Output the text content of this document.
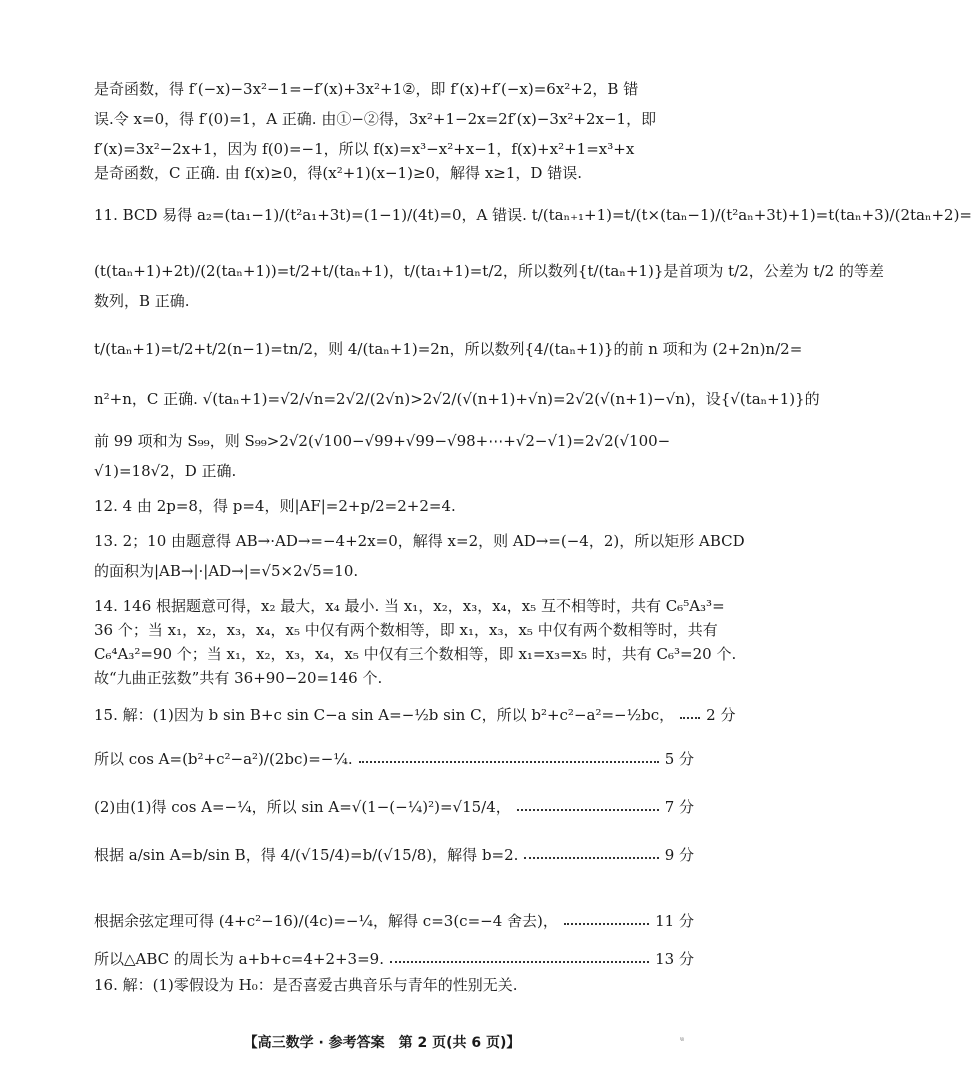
是奇函数，得 f′(−x)−3x²−1=−f′(x)+3x²+1②，即 f′(x)+f′(−x)=6x²+2，B 错
误.令 x=0，得 f′(0)=1，A 正确. 由①−②得，3x²+1−2x=2f′(x)−3x²+2x−1，即
f′(x)=3x²−2x+1，因为 f(0)=−1，所以 f(x)=x³−x²+x−1，f(x)+x²+1=x³+x
是奇函数，C 正确. 由 f(x)≥0，得(x²+1)(x−1)≥0，解得 x≥1，D 错误.
11. BCD 易得 a₂=(ta₁−1)/(t²a₁+3t)=(1−1)/(4t)=0，A 错误. t/(taₙ₊₁+1)=t/(t×(taₙ−1)/(t²aₙ+3t)+1)=t(taₙ+3)/(2taₙ+2)=
(t(taₙ+1)+2t)/(2(taₙ+1))=t/2+t/(taₙ+1)，t/(ta₁+1)=t/2，所以数列{t/(taₙ+1)}是首项为 t/2，公差为 t/2 的等差
数列，B 正确.
t/(taₙ+1)=t/2+t/2(n−1)=tn/2，则 4/(taₙ+1)=2n，所以数列{4/(taₙ+1)}的前 n 项和为 (2+2n)n/2=
n²+n，C 正确. √(taₙ+1)=√2/√n=2√2/(2√n)>2√2/(√(n+1)+√n)=2√2(√(n+1)−√n)，设{√(taₙ+1)}的
前 99 项和为 S₉₉，则 S₉₉>2√2(√100−√99+√99−√98+⋯+√2−√1)=2√2(√100−
√1)=18√2，D 正确.
12. 4 由 2p=8，得 p=4，则|AF|=2+p/2=2+2=4.
13. 2；10 由题意得 AB→·AD→=−4+2x=0，解得 x=2，则 AD→=(−4，2)，所以矩形 ABCD
的面积为|AB→|·|AD→|=√5×2√5=10.
14. 146 根据题意可得，x₂ 最大，x₄ 最小. 当 x₁，x₂，x₃，x₄，x₅ 互不相等时，共有 C₆⁵A₃³=
36 个；当 x₁，x₂，x₃，x₄，x₅ 中仅有两个数相等，即 x₁，x₃，x₅ 中仅有两个数相等时，共有
C₆⁴A₃²=90 个；当 x₁，x₂，x₃，x₄，x₅ 中仅有三个数相等，即 x₁=x₃=x₅ 时，共有 C₆³=20 个.
故“九曲正弦数”共有 36+90−20=146 个.
15. 解：(1)因为 b sin B+c sin C−a sin A=−½b sin C，所以 b²+c²−a²=−½bc， 2 分
所以 cos A=(b²+c²−a²)/(2bc)=−¼.	5 分
(2)由(1)得 cos A=−¼，所以 sin A=√(1−(−¼)²)=√15/4，	7 分
根据 a/sin A=b/sin B，得 4/(√15/4)=b/(√15/8)，解得 b=2.	9 分
根据余弦定理可得 (4+c²−16)/(4c)=−¼，解得 c=3(c=−4 舍去)，	11 分
所以△ABC 的周长为 a+b+c=4+2+3=9.	13 分
16. 解：(1)零假设为 H₀：是否喜爱古典音乐与青年的性别无关.
【高三数学 · 参考答案　第 2 页(共 6 页)】	ᵘ
